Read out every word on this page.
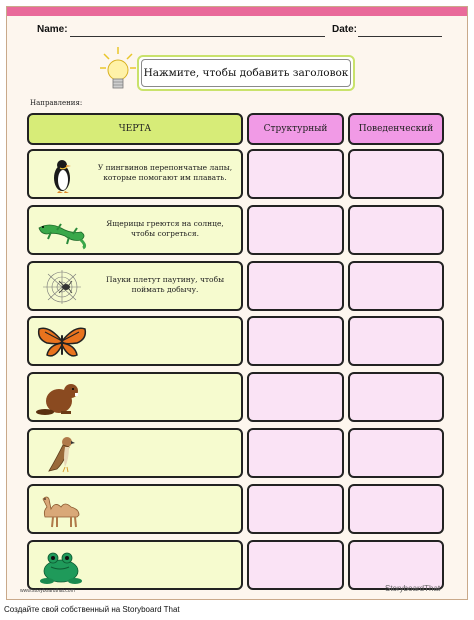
Name:	Date:
Нажмите, чтобы добавить заголовок
Направления:
ЧЕРТА	Структурный	Поведенческий
У пингвинов перепончатые лапы, которые помогают им плавать.
Ящерицы греются на солнце, чтобы согреться.
Пауки плетут паутину, чтобы поймать добычу.
www.storyboardthat.com	StoryboardThat
Создайте свой собственный на Storyboard That
